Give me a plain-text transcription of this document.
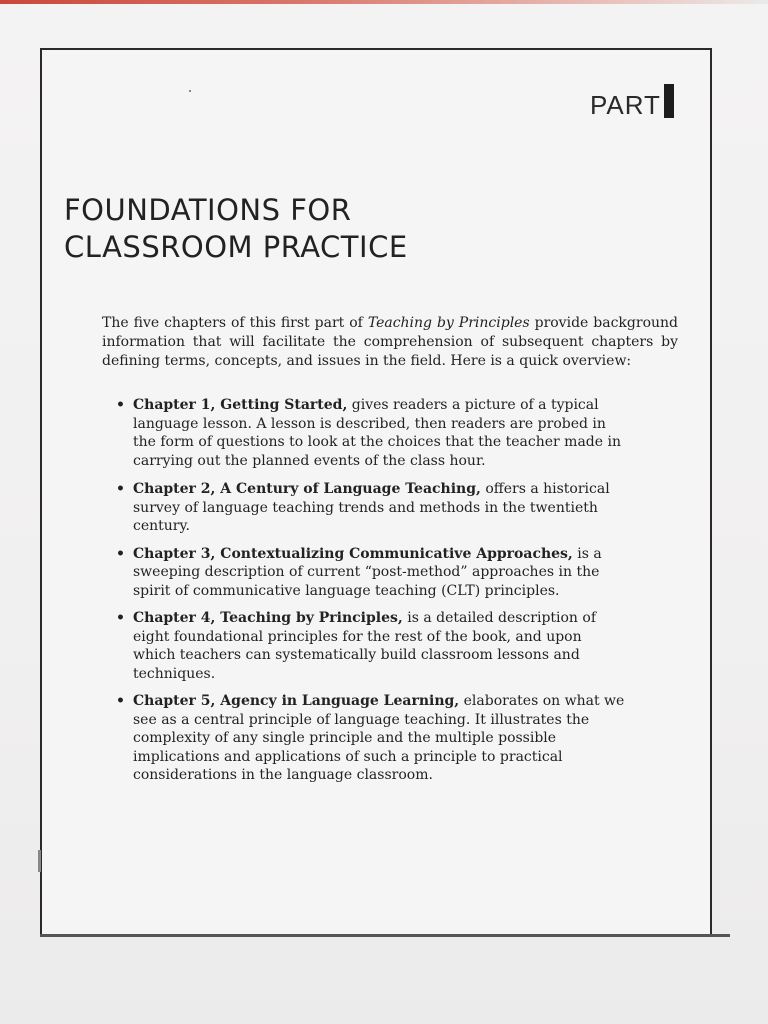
PART
FOUNDATIONS FOR
CLASSROOM PRACTICE

The five chapters of this first part of Teaching by Principles provide background information that will facilitate the comprehension of subsequent chapters by defining terms, concepts, and issues in the field. Here is a quick overview:

• Chapter 1, Getting Started, gives readers a picture of a typical language lesson. A lesson is described, then readers are probed in the form of questions to look at the choices that the teacher made in carrying out the planned events of the class hour.
• Chapter 2, A Century of Language Teaching, offers a historical survey of language teaching trends and methods in the twentieth century.
• Chapter 3, Contextualizing Communicative Approaches, is a sweeping description of current “post-method” approaches in the spirit of communicative language teaching (CLT) principles.
• Chapter 4, Teaching by Principles, is a detailed description of eight foundational principles for the rest of the book, and upon which teachers can systematically build classroom lessons and techniques.
• Chapter 5, Agency in Language Learning, elaborates on what we see as a central principle of language teaching. It illustrates the complexity of any single principle and the multiple possible implications and applications of such a principle to practical considerations in the language classroom.
